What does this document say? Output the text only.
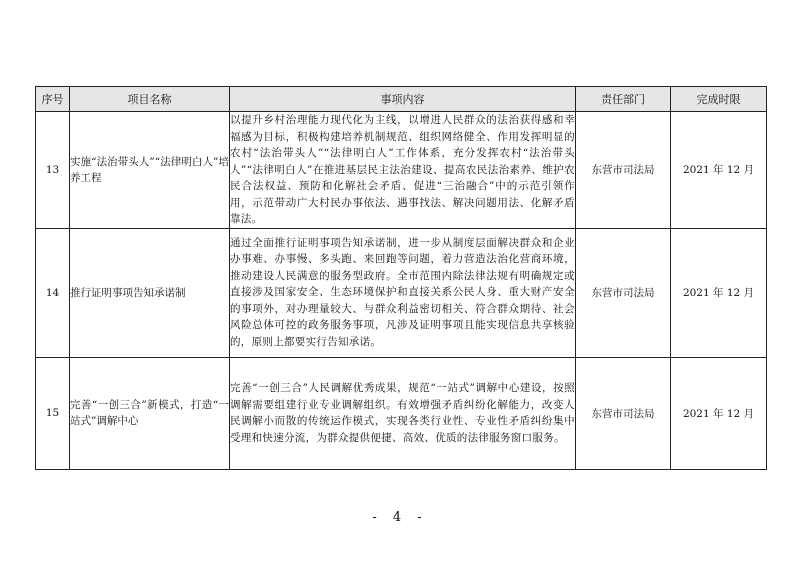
序号	项目名称	事项内容	责任部门	完成时限
13	实施“法治带头人”“法律明白人”培养工程	以提升乡村治理能力现代化为主线，以增进人民群众的法治获得感和幸福感为目标，积极构建培养机制规范、组织网络健全、作用发挥明显的农村“法治带头人”“法律明白人”工作体系，充分发挥农村“法治带头人”“法律明白人”在推进基层民主法治建设、提高农民法治素养、维护农民合法权益、预防和化解社会矛盾、促进“三治融合”中的示范引领作用，示范带动广大村民办事依法、遇事找法、解决问题用法、化解矛盾靠法。	东营市司法局	2021 年 12 月
14	推行证明事项告知承诺制	通过全面推行证明事项告知承诺制，进一步从制度层面解决群众和企业办事难、办事慢、多头跑、来回跑等问题，着力营造法治化营商环境，推动建设人民满意的服务型政府。全市范围内除法律法规有明确规定或直接涉及国家安全、生态环境保护和直接关系公民人身、重大财产安全的事项外，对办理量较大、与群众利益密切相关、符合群众期待、社会风险总体可控的政务服务事项，凡涉及证明事项且能实现信息共享核验的，原则上都要实行告知承诺。	东营市司法局	2021 年 12 月
15	完善“一创三合”新模式，打造“一站式”调解中心	完善“一创三合”人民调解优秀成果，规范“一站式”调解中心建设，按照调解需要组建行业专业调解组织。有效增强矛盾纠纷化解能力，改变人民调解小而散的传统运作模式，实现各类行业性、专业性矛盾纠纷集中受理和快速分流，为群众提供便捷、高效、优质的法律服务窗口服务。	东营市司法局	2021 年 12 月
- 4 -
